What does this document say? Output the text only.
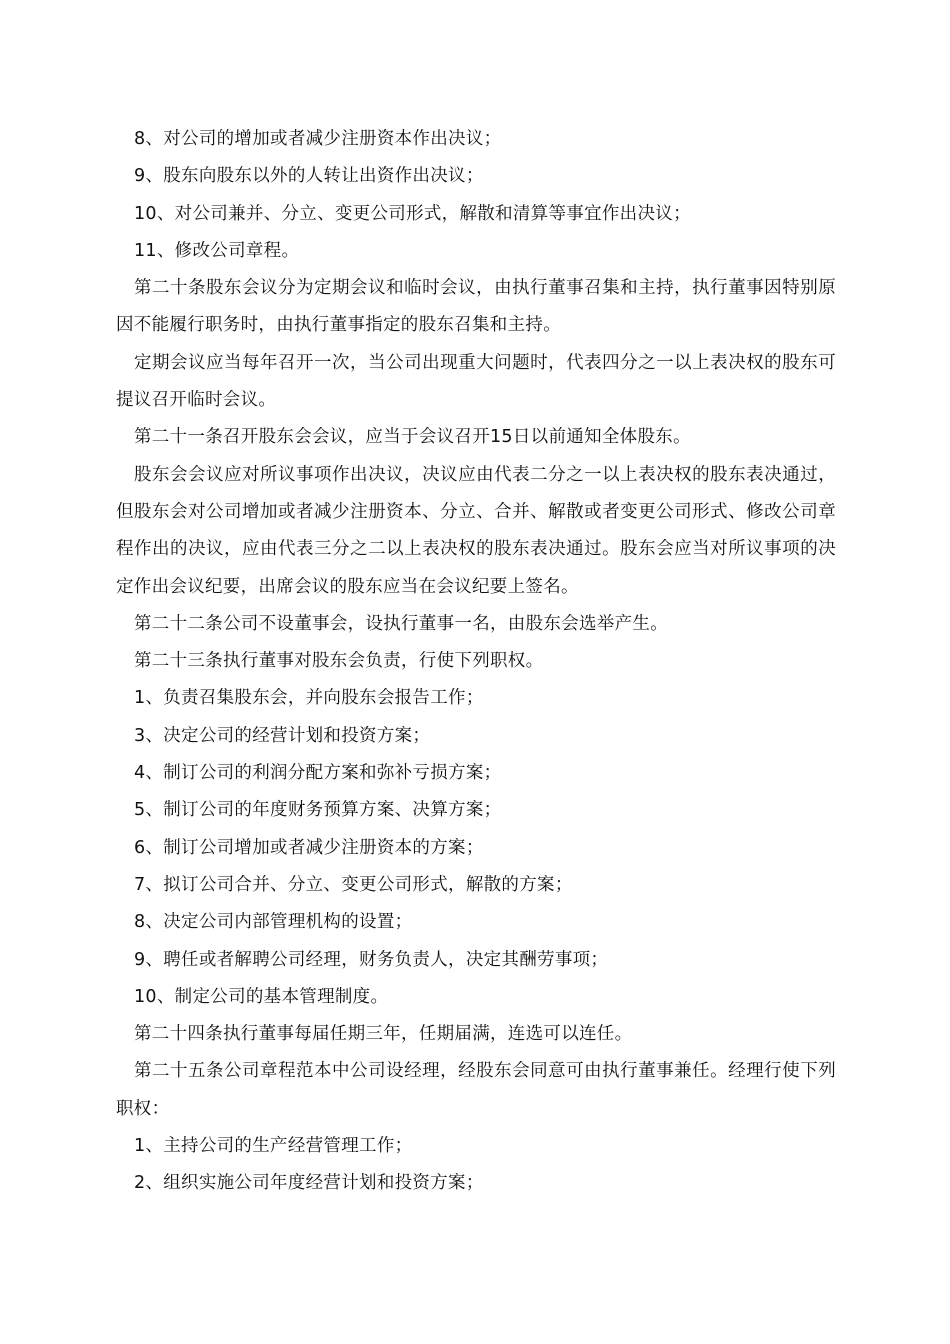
8、对公司的增加或者减少注册资本作出决议；

9、股东向股东以外的人转让出资作出决议；

10、对公司兼并、分立、变更公司形式，解散和清算等事宜作出决议；

11、修改公司章程。

第二十条股东会议分为定期会议和临时会议，由执行董事召集和主持，执行董事因特别原因不能履行职务时，由执行董事指定的股东召集和主持。

定期会议应当每年召开一次，当公司出现重大问题时，代表四分之一以上表决权的股东可提议召开临时会议。

第二十一条召开股东会会议，应当于会议召开15日以前通知全体股东。

股东会会议应对所议事项作出决议，决议应由代表二分之一以上表决权的股东表决通过，但股东会对公司增加或者减少注册资本、分立、合并、解散或者变更公司形式、修改公司章程作出的决议，应由代表三分之二以上表决权的股东表决通过。股东会应当对所议事项的决定作出会议纪要，出席会议的股东应当在会议纪要上签名。

第二十二条公司不设董事会，设执行董事一名，由股东会选举产生。

第二十三条执行董事对股东会负责，行使下列职权。

1、负责召集股东会，并向股东会报告工作；

3、决定公司的经营计划和投资方案；

4、制订公司的利润分配方案和弥补亏损方案；

5、制订公司的年度财务预算方案、决算方案；

6、制订公司增加或者减少注册资本的方案；

7、拟订公司合并、分立、变更公司形式，解散的方案；

8、决定公司内部管理机构的设置；

9、聘任或者解聘公司经理，财务负责人，决定其酬劳事项；

10、制定公司的基本管理制度。

第二十四条执行董事每届任期三年，任期届满，连选可以连任。

第二十五条公司章程范本中公司设经理，经股东会同意可由执行董事兼任。经理行使下列职权：

1、主持公司的生产经营管理工作；

2、组织实施公司年度经营计划和投资方案；
